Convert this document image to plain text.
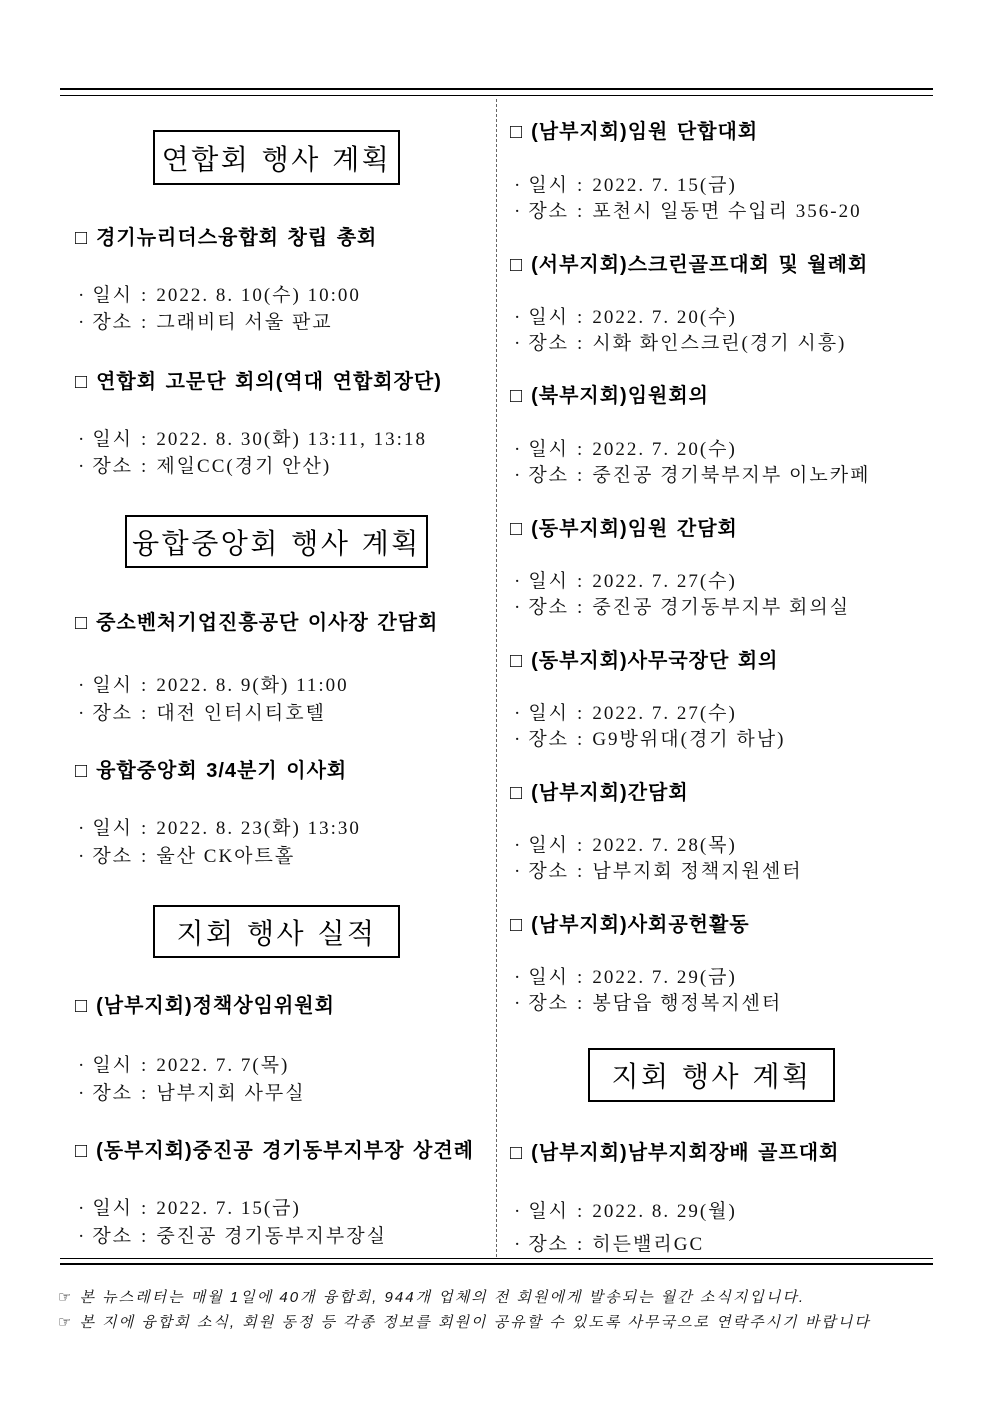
연합회 행사 계획
□ 경기뉴리더스융합회 창립 총회
· 일시 : 2022. 8. 10(수) 10:00
· 장소 : 그래비티 서울 판교
□ 연합회 고문단 회의(역대 연합회장단)
· 일시 : 2022. 8. 30(화) 13:11, 13:18
· 장소 : 제일CC(경기 안산)
융합중앙회 행사 계획
□ 중소벤처기업진흥공단 이사장 간담회
· 일시 : 2022. 8. 9(화) 11:00
· 장소 : 대전 인터시티호텔
□ 융합중앙회 3/4분기 이사회
· 일시 : 2022. 8. 23(화) 13:30
· 장소 : 울산 CK아트홀
지회 행사 실적
□ (남부지회)정책상임위원회
· 일시 : 2022. 7. 7(목)
· 장소 : 남부지회 사무실
□ (동부지회)중진공 경기동부지부장 상견례
· 일시 : 2022. 7. 15(금)
· 장소 : 중진공 경기동부지부장실
□ (남부지회)임원 단합대회
· 일시 : 2022. 7. 15(금)
· 장소 : 포천시 일동면 수입리 356-20
□ (서부지회)스크린골프대회 및 월례회
· 일시 : 2022. 7. 20(수)
· 장소 : 시화 화인스크린(경기 시흥)
□ (북부지회)임원회의
· 일시 : 2022. 7. 20(수)
· 장소 : 중진공 경기북부지부 이노카페
□ (동부지회)임원 간담회
· 일시 : 2022. 7. 27(수)
· 장소 : 중진공 경기동부지부 회의실
□ (동부지회)사무국장단 회의
· 일시 : 2022. 7. 27(수)
· 장소 : G9방위대(경기 하남)
□ (남부지회)간담회
· 일시 : 2022. 7. 28(목)
· 장소 : 남부지회 정책지원센터
□ (남부지회)사회공헌활동
· 일시 : 2022. 7. 29(금)
· 장소 : 봉담읍 행정복지센터
지회 행사 계획
□ (남부지회)남부지회장배 골프대회
· 일시 : 2022. 8. 29(월)
· 장소 : 히든밸리GC
☞ 본 뉴스레터는 매월 1일에 40개 융합회, 944개 업체의 전 회원에게 발송되는 월간 소식지입니다.
☞ 본 지에 융합회 소식, 회원 동정 등 각종 정보를 회원이 공유할 수 있도록 사무국으로 연락주시기 바랍니다
